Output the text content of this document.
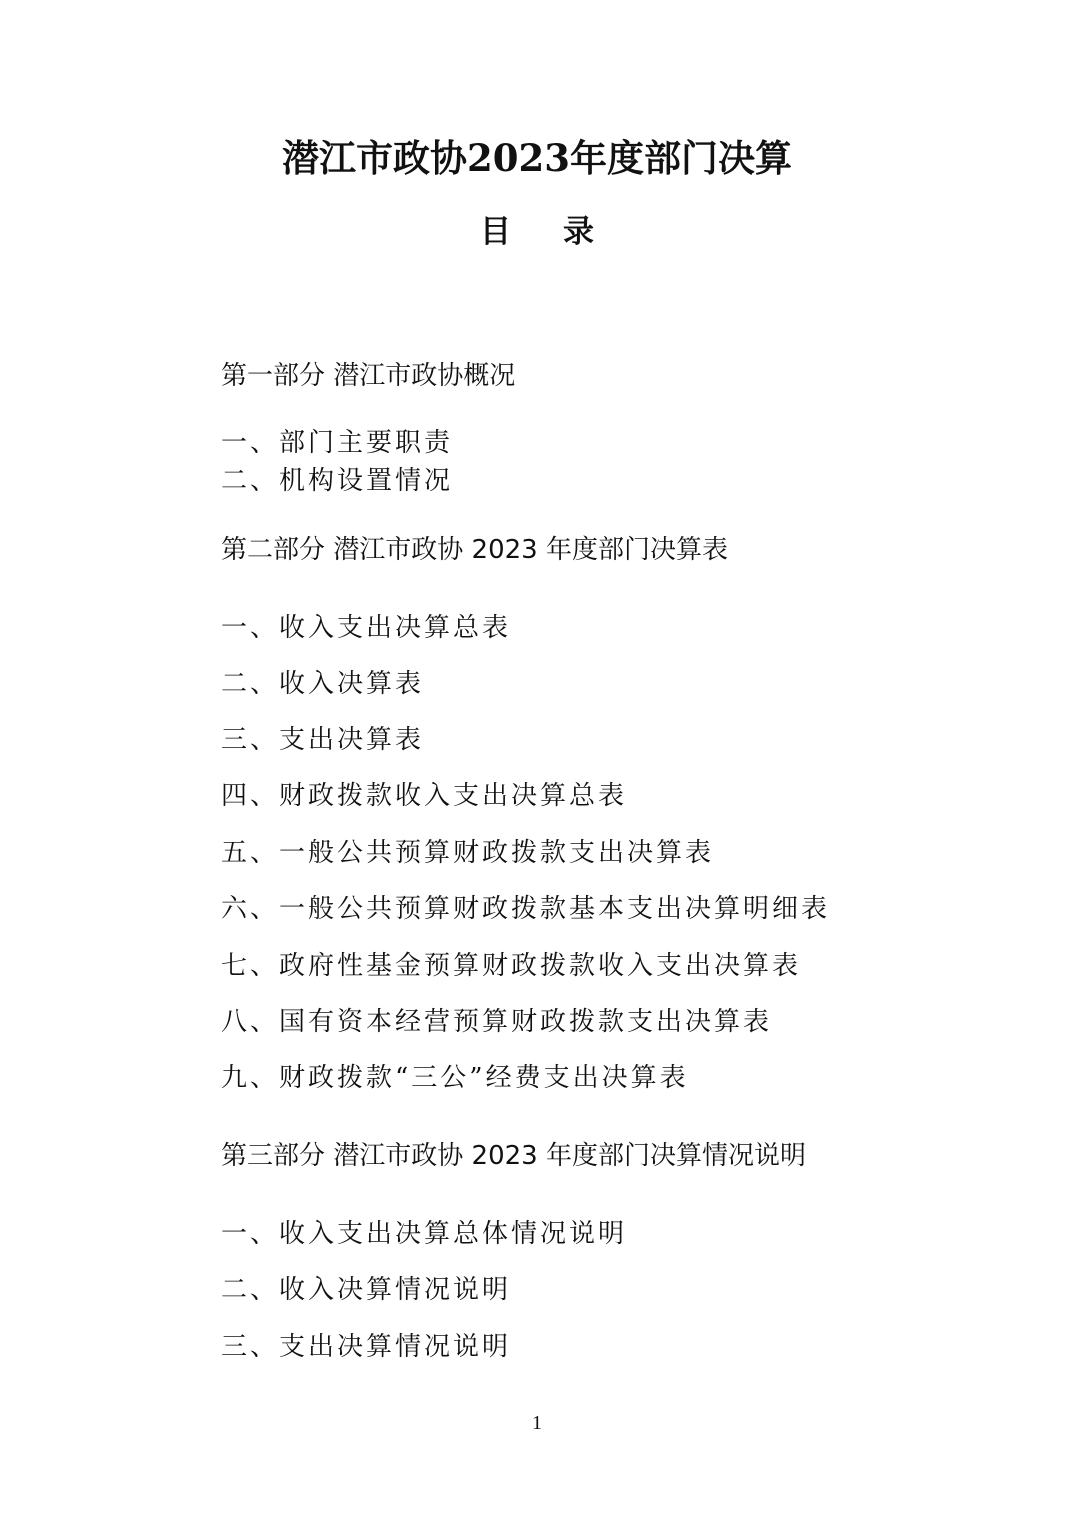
潜江市政协2023年度部门决算
目 录

第一部分 潜江市政协概况

一、部门主要职责

二、机构设置情况

第二部分 潜江市政协 2023 年度部门决算表

一、收入支出决算总表

二、收入决算表

三、支出决算表

四、财政拨款收入支出决算总表

五、一般公共预算财政拨款支出决算表

六、一般公共预算财政拨款基本支出决算明细表

七、政府性基金预算财政拨款收入支出决算表

八、国有资本经营预算财政拨款支出决算表

九、财政拨款“三公”经费支出决算表

第三部分 潜江市政协 2023 年度部门决算情况说明

一、收入支出决算总体情况说明

二、收入决算情况说明

三、支出决算情况说明

1
